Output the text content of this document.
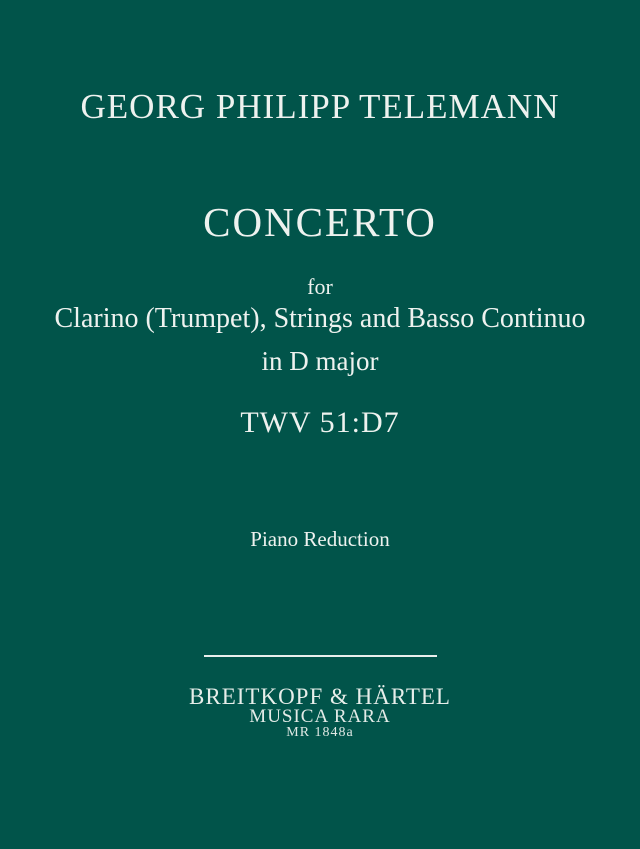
GEORG PHILIPP TELEMANN
CONCERTO
for
Clarino (Trumpet), Strings and Basso Continuo
in D major
TWV 51:D7
Piano Reduction
BREITKOPF & HÄRTEL
MUSICA RARA
MR 1848a
